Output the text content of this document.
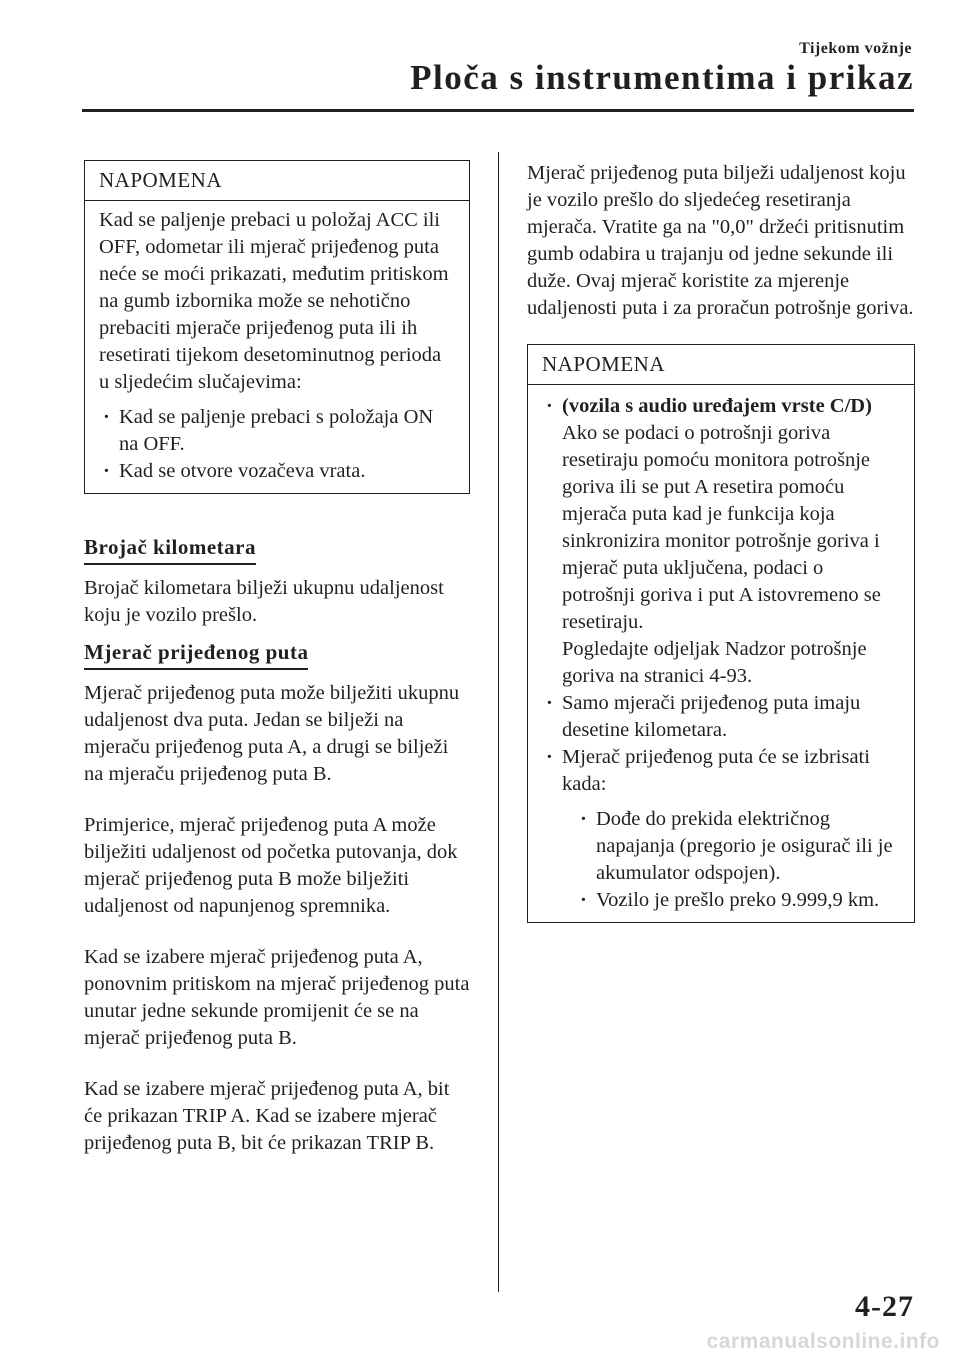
Tijekom vožnje
Ploča s instrumentima i prikaz
NAPOMENA

Kad se paljenje prebaci u položaj ACC ili OFF, odometar ili mjerač prijeđenog puta neće se moći prikazati, međutim pritiskom na gumb izbornika može se nehotično prebaciti mjerače prijeđenog puta ili ih resetirati tijekom desetominutnog perioda u sljedećim slučajevima:

· Kad se paljenje prebaci s položaja ON na OFF.
· Kad se otvore vozačeva vrata.
Brojač kilometara

Brojač kilometara bilježi ukupnu udaljenost koju je vozilo prešlo.

Mjerač prijeđenog puta

Mjerač prijeđenog puta može bilježiti ukupnu udaljenost dva puta. Jedan se bilježi na mjeraču prijeđenog puta A, a drugi se bilježi na mjeraču prijeđenog puta B.

Primjerice, mjerač prijeđenog puta A može bilježiti udaljenost od početka putovanja, dok mjerač prijeđenog puta B može bilježiti udaljenost od napunjenog spremnika.

Kad se izabere mjerač prijeđenog puta A, ponovnim pritiskom na mjerač prijeđenog puta unutar jedne sekunde promijenit će se na mjerač prijeđenog puta B.

Kad se izabere mjerač prijeđenog puta A, bit će prikazan TRIP A. Kad se izabere mjerač prijeđenog puta B, bit će prikazan TRIP B.

Mjerač prijeđenog puta bilježi udaljenost koju je vozilo prešlo do sljedećeg resetiranja mjerača. Vratite ga na "0,0" držeći pritisnutim gumb odabira u trajanju od jedne sekunde ili duže. Ovaj mjerač koristite za mjerenje udaljenosti puta i za proračun potrošnje goriva.

NAPOMENA
· (vozila s audio uređajem vrste C/D)
Ako se podaci o potrošnji goriva resetiraju pomoću monitora potrošnje goriva ili se put A resetira pomoću mjerača puta kad je funkcija koja sinkronizira monitor potrošnje goriva i mjerač puta uključena, podaci o potrošnji goriva i put A istovremeno se resetiraju.
Pogledajte odjeljak Nadzor potrošnje goriva na stranici 4-93.
· Samo mjerači prijeđenog puta imaju desetine kilometara.
· Mjerač prijeđenog puta će se izbrisati kada:
· Dođe do prekida električnog napajanja (pregorio je osigurač ili je akumulator odspojen).
· Vozilo je prešlo preko 9.999,9 km.
4-27
carmanualsonline.info
